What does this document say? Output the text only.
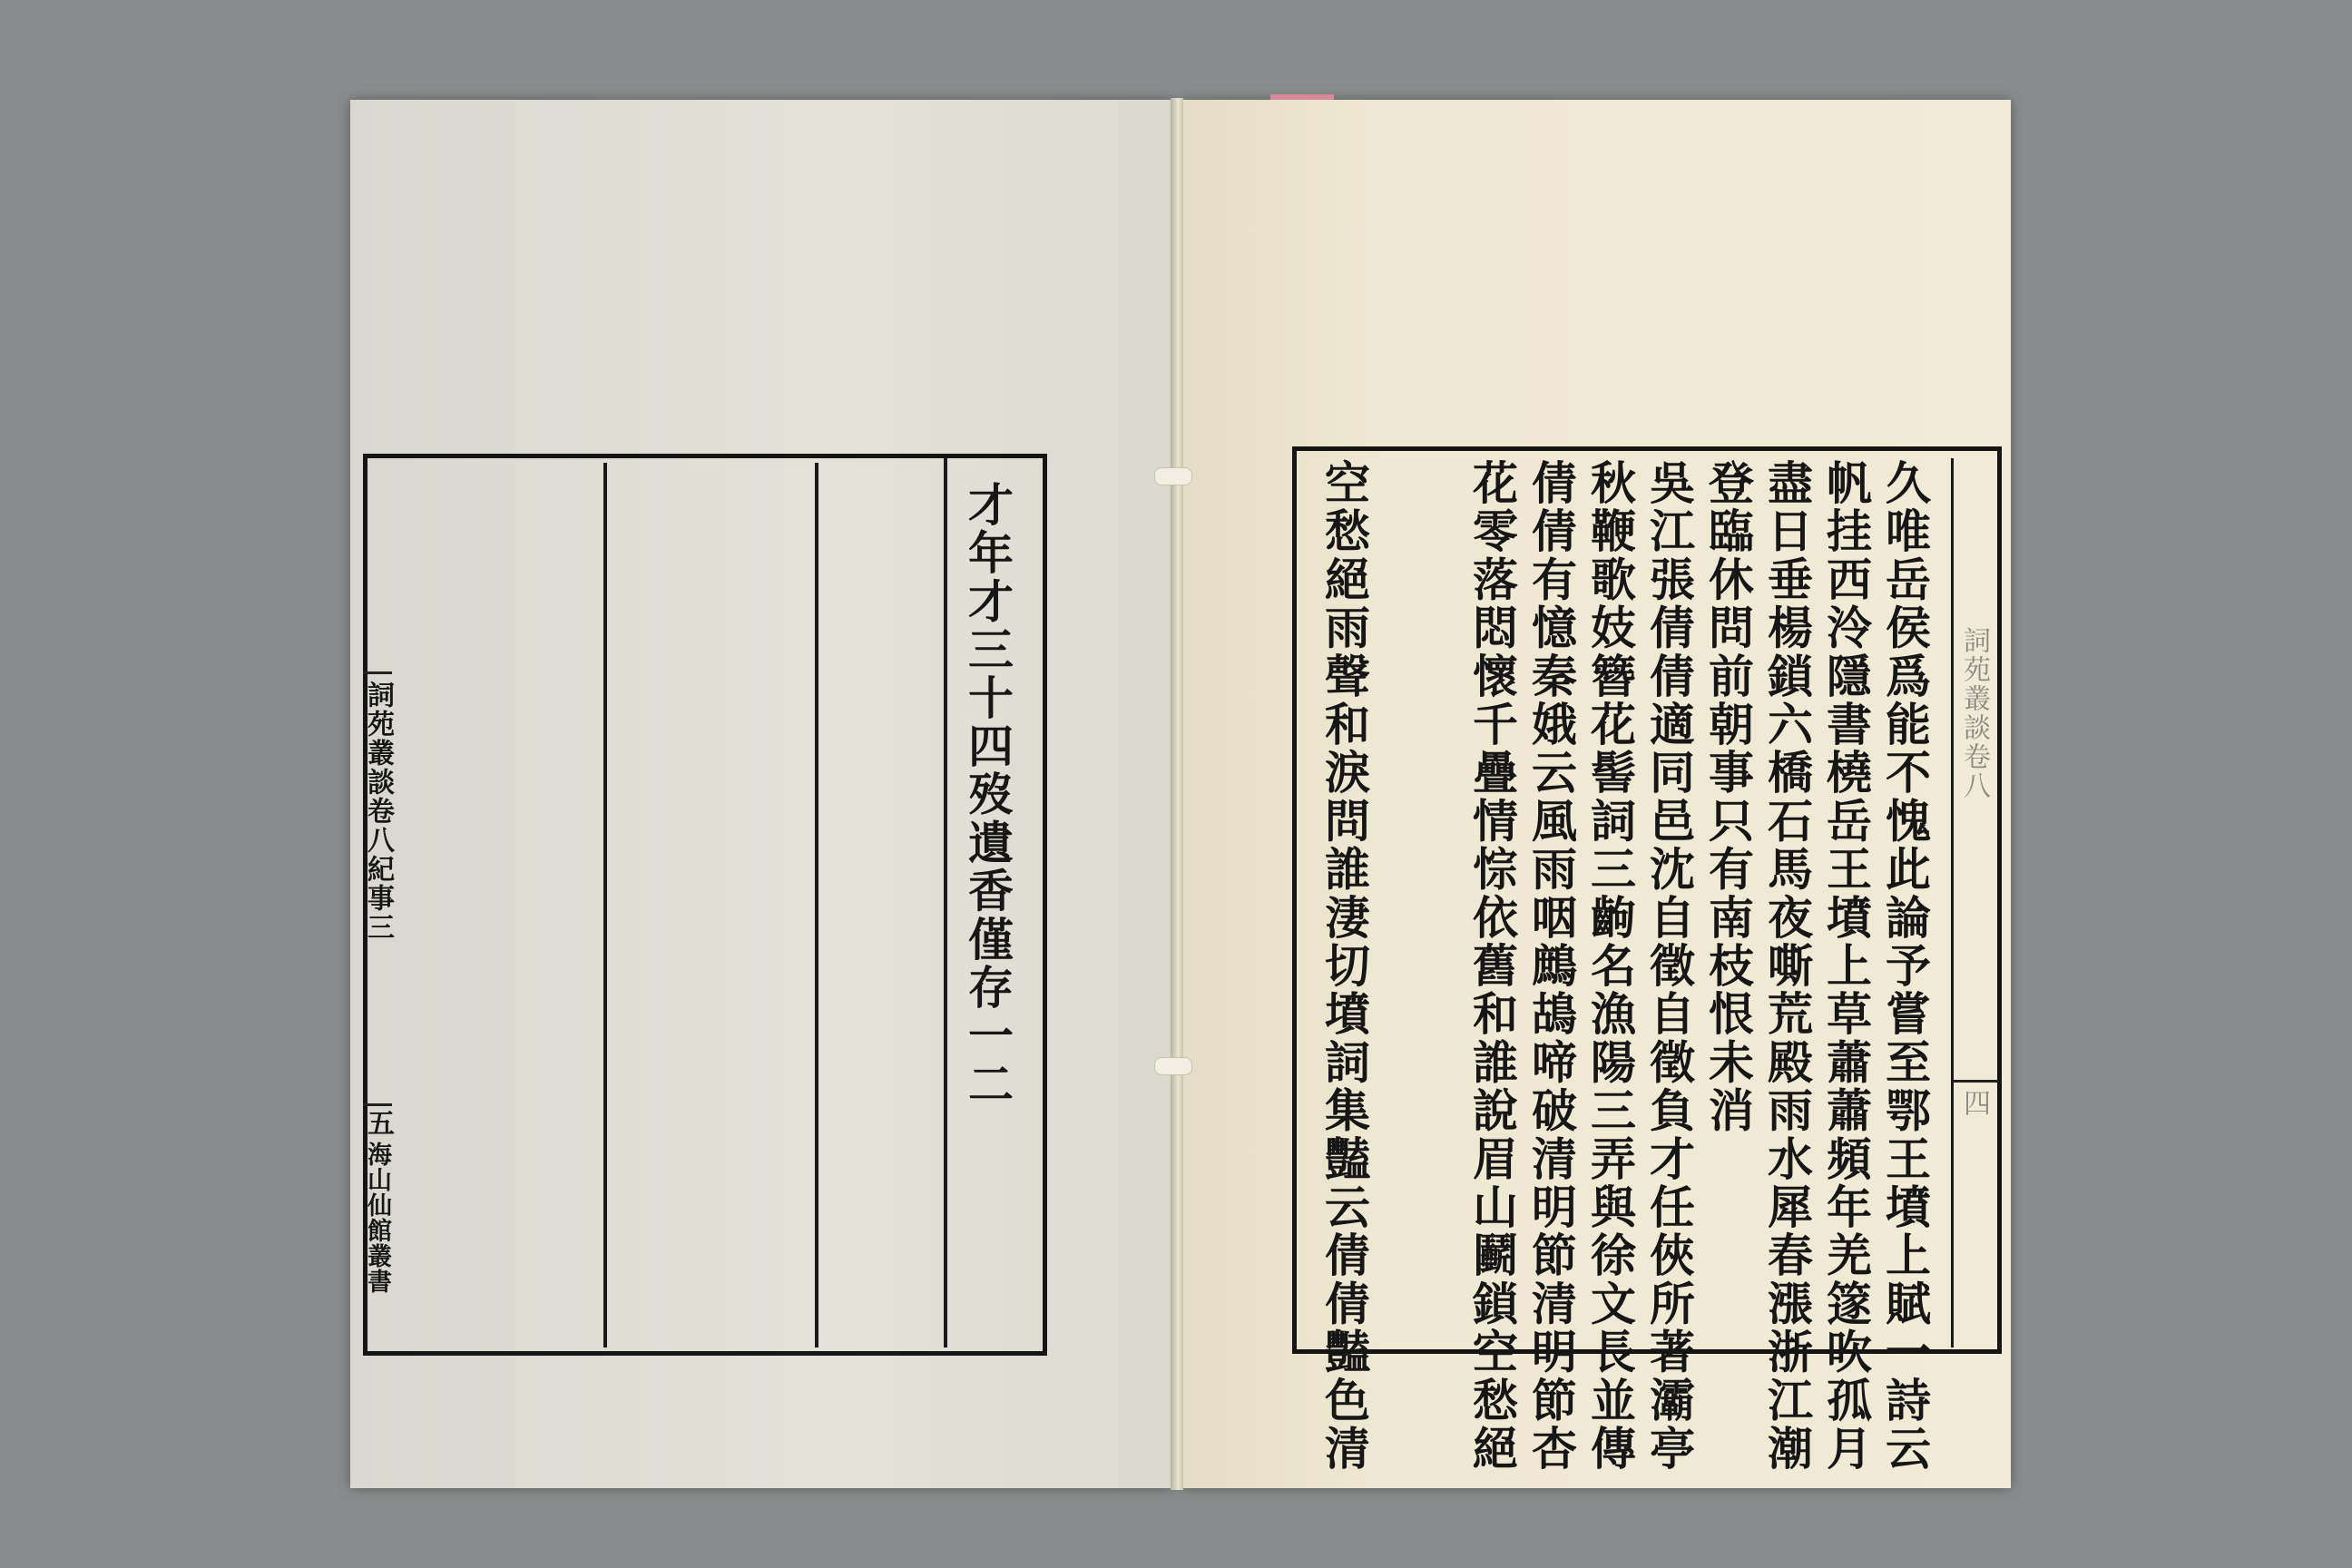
才年才三十四歿遺香僅存一二
詞苑叢談卷八紀事三
五
海山仙館叢書	久唯岳侯爲能不愧此論予嘗至鄂王墳上賦一詩云
帆挂西泠隱書橈岳王墳上草蕭蕭頻年羌篴吹孤月
盡日垂楊鎖六橋石馬夜嘶荒殿雨水犀春漲浙江潮
登臨休問前朝事只有南枝恨未消
吳江張倩倩適同邑沈自徵自徵負才任俠所著灞亭
秋鞭歌妓簪花髻詞三齣名漁陽三弄與徐文長並傳
倩倩有憶秦娥云風雨咽鷓鴣啼破清明節清明節杏
花零落悶懷千疊情悰依舊和誰說眉山鬬鎖空愁絕
空愁絕雨聲和淚問誰淒切墳詞集豔云倩倩豔色清	詞苑叢談卷八
四
